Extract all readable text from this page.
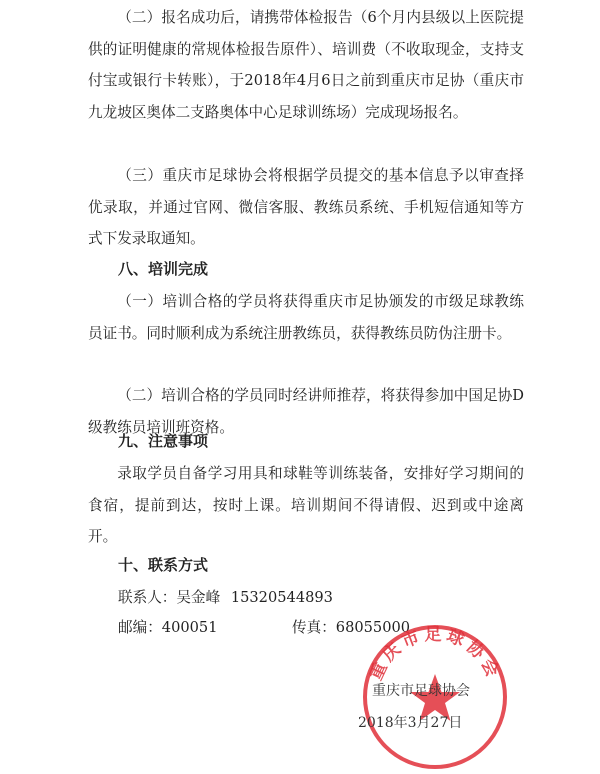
（二）报名成功后，请携带体检报告（6个月内县级以上医院提供的证明健康的常规体检报告原件）、培训费（不收取现金，支持支付宝或银行卡转账），于2018年4月6日之前到重庆市足协（重庆市九龙坡区奥体二支路奥体中心足球训练场）完成现场报名。
（三）重庆市足球协会将根据学员提交的基本信息予以审查择优录取，并通过官网、微信客服、教练员系统、手机短信通知等方式下发录取通知。
八、培训完成
（一）培训合格的学员将获得重庆市足协颁发的市级足球教练员证书。同时顺利成为系统注册教练员，获得教练员防伪注册卡。
（二）培训合格的学员同时经讲师推荐，将获得参加中国足协D级教练员培训班资格。
九、注意事项
录取学员自备学习用具和球鞋等训练装备，安排好学习期间的食宿，提前到达，按时上课。培训期间不得请假、迟到或中途离开。
十、联系方式
联系人：吴金峰 15320544893
邮编：400051	传真：68055000
重庆市足球协会
重庆市足球协会
2018年3月27日
